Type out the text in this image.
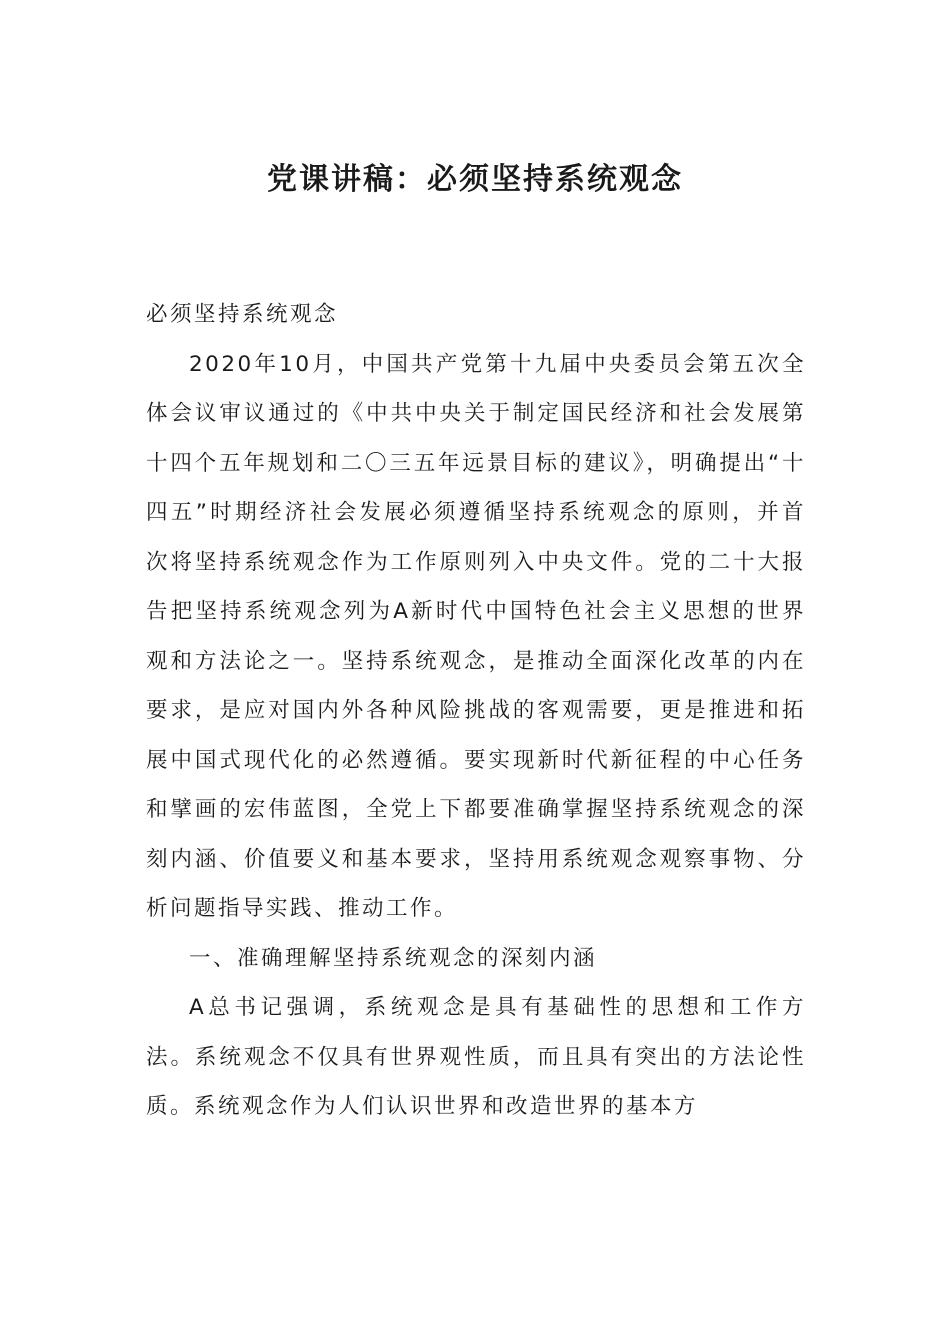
党课讲稿：必须坚持系统观念

必须坚持系统观念

2020年10月，中国共产党第十九届中央委员会第五次全体会议审议通过的《中共中央关于制定国民经济和社会发展第十四个五年规划和二〇三五年远景目标的建议》，明确提出“十四五”时期经济社会发展必须遵循坚持系统观念的原则，并首次将坚持系统观念作为工作原则列入中央文件。党的二十大报告把坚持系统观念列为A新时代中国特色社会主义思想的世界观和方法论之一。坚持系统观念，是推动全面深化改革的内在要求，是应对国内外各种风险挑战的客观需要，更是推进和拓展中国式现代化的必然遵循。要实现新时代新征程的中心任务和擘画的宏伟蓝图，全党上下都要准确掌握坚持系统观念的深刻内涵、价值要义和基本要求，坚持用系统观念观察事物、分析问题指导实践、推动工作。

一、准确理解坚持系统观念的深刻内涵

A总书记强调，系统观念是具有基础性的思想和工作方法。系统观念不仅具有世界观性质，而且具有突出的方法论性质。系统观念作为人们认识世界和改造世界的基本方
